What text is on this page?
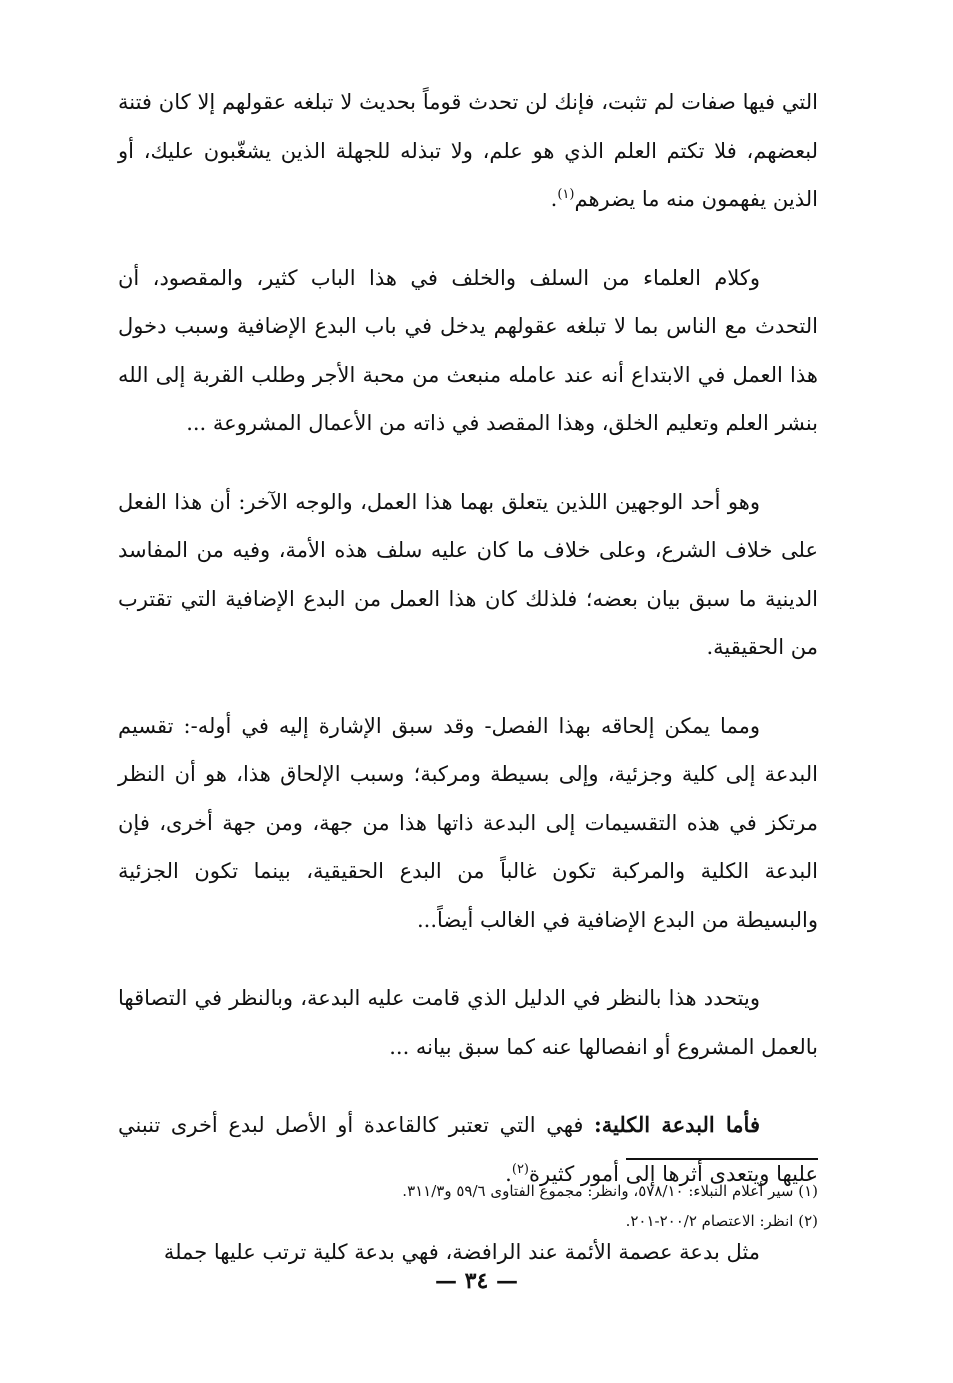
التي فيها صفات لم تثبت، فإنك لن تحدث قوماً بحديث لا تبلغه عقولهم إلا كان فتنة لبعضهم، فلا تكتم العلم الذي هو علم، ولا تبذله للجهلة الذين يشغّبون عليك، أو الذين يفهمون منه ما يضرهم$^{(١)}$.

وكلام العلماء من السلف والخلف في هذا الباب كثير، والمقصود، أن التحدث مع الناس بما لا تبلغه عقولهم يدخل في باب البدع الإضافية وسبب دخول هذا العمل في الابتداع أنه عند عامله منبعث من محبة الأجر وطلب القربة إلى الله بنشر العلم وتعليم الخلق، وهذا المقصد في ذاته من الأعمال المشروعة ...

وهو أحد الوجهين اللذين يتعلق بهما هذا العمل، والوجه الآخر: أن هذا الفعل على خلاف الشرع، وعلى خلاف ما كان عليه سلف هذه الأمة، وفيه من المفاسد الدينية ما سبق بيان بعضه؛ فلذلك كان هذا العمل من البدع الإضافية التي تقترب من الحقيقية.

ومما يمكن إلحاقه بهذا الفصل- وقد سبق الإشارة إليه في أوله-: تقسيم البدعة إلى كلية وجزئية، وإلى بسيطة ومركبة؛ وسبب الإلحاق هذا، هو أن النظر مرتكز في هذه التقسيمات إلى البدعة ذاتها هذا من جهة، ومن جهة أخرى، فإن البدعة الكلية والمركبة تكون غالباً من البدع الحقيقية، بينما تكون الجزئية والبسيطة من البدع الإضافية في الغالب أيضاً...

ويتحدد هذا بالنظر في الدليل الذي قامت عليه البدعة، وبالنظر في التصاقها بالعمل المشروع أو انفصالها عنه كما سبق بيانه ...

فأما البدعة الكلية: فهي التي تعتبر كالقاعدة أو الأصل لبدع أخرى تنبني عليها ويتعدى أثرها إلى أمور كثيرة$^{(٢)}$.

مثل بدعة عصمة الأئمة عند الرافضة، فهي بدعة كلية ترتب عليها جملة

(١) سير أعلام النبلاء: ٥٧٨/١٠، وانظر: مجموع الفتاوى ٥٩/٦ و٣١١/٣.

(٢) انظر: الاعتصام ٢٠٠/٢-٢٠١.

— ٣٤ —
